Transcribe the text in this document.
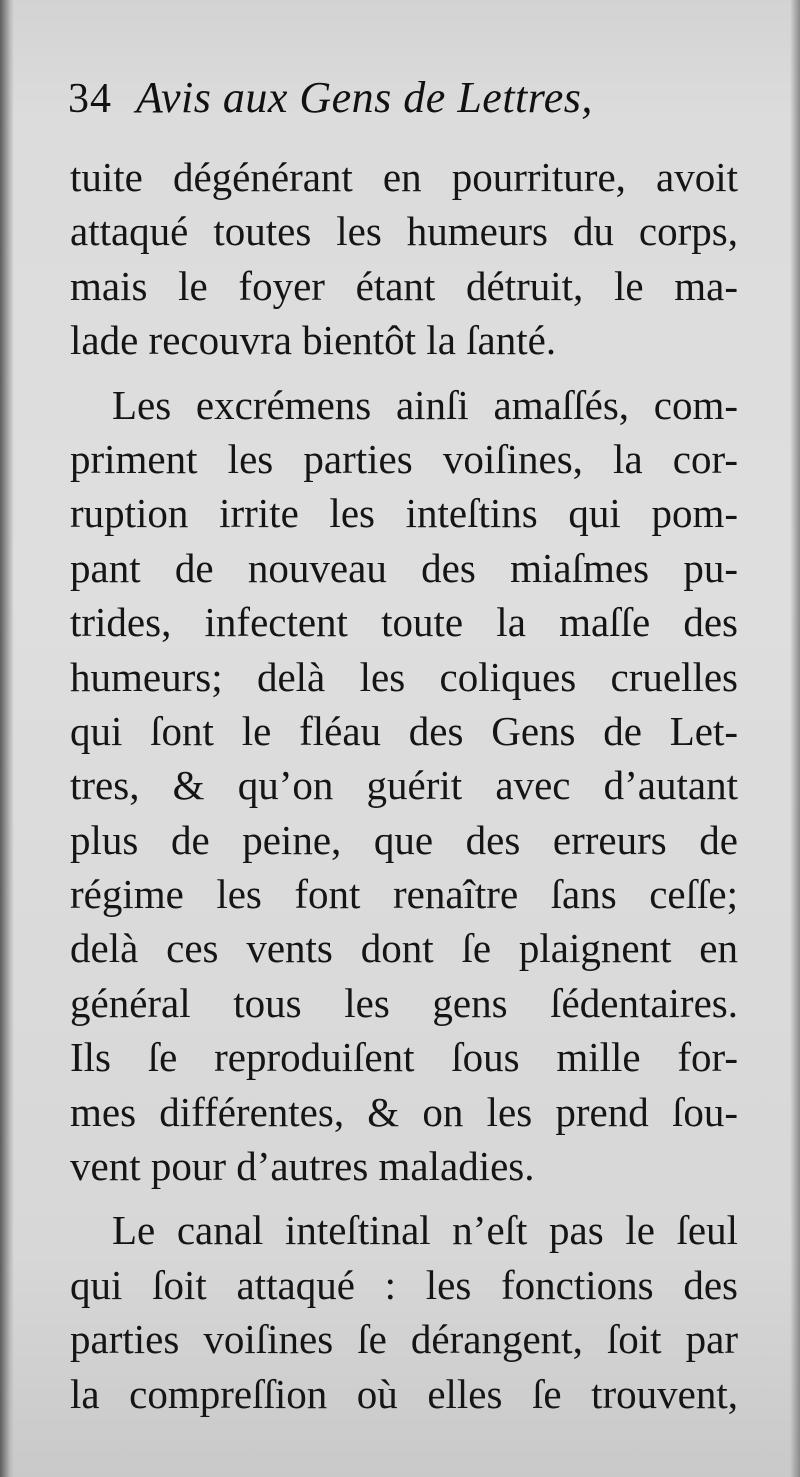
34 Avis aux Gens de Lettres,
tuite dégénérant en pourriture, avoit
attaqué toutes les humeurs du corps,
mais le foyer étant détruit, le ma-
lade recouvra bientôt la ſanté.
Les excrémens ainſi amaſſés, com-
priment les parties voiſines, la cor-
ruption irrite les inteſtins qui pom-
pant de nouveau des miaſmes pu-
trides, infectent toute la maſſe des
humeurs; delà les coliques cruelles
qui ſont le fléau des Gens de Let-
tres, & qu’on guérit avec d’autant
plus de peine, que des erreurs de
régime les font renaître ſans ceſſe;
delà ces vents dont ſe plaignent en
général tous les gens ſédentaires.
Ils ſe reproduiſent ſous mille for-
mes différentes, & on les prend ſou-
vent pour d’autres maladies.
Le canal inteſtinal n’eſt pas le ſeul
qui ſoit attaqué : les fonctions des
parties voiſines ſe dérangent, ſoit par
la compreſſion où elles ſe trouvent,
